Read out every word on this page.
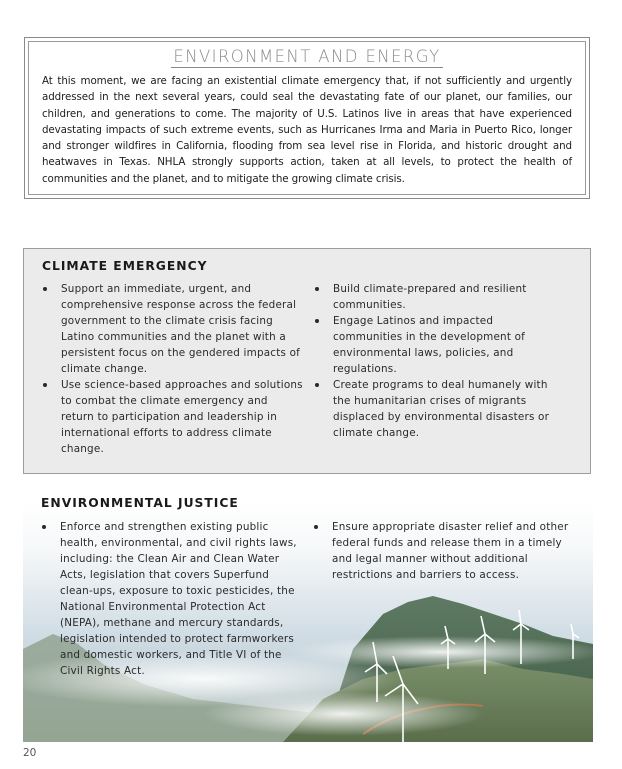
ENVIRONMENT AND ENERGY
At this moment, we are facing an existential climate emergency that, if not sufficiently and urgently addressed in the next several years, could seal the devastating fate of our planet, our families, our children, and generations to come. The majority of U.S. Latinos live in areas that have experienced devastating impacts of such extreme events, such as Hurricanes Irma and Maria in Puerto Rico, longer and stronger wildfires in California, flooding from sea level rise in Florida, and historic drought and heatwaves in Texas. NHLA strongly supports action, taken at all levels, to protect the health of communities and the planet, and to mitigate the growing climate crisis.
CLIMATE EMERGENCY
Support an immediate, urgent, and comprehensive response across the federal government to the climate crisis facing Latino communities and the planet with a persistent focus on the gendered impacts of climate change.
Use science-based approaches and solutions to combat the climate emergency and return to participation and leadership in international efforts to address climate change.
Build climate-prepared and resilient communities.
Engage Latinos and impacted communities in the development of environmental laws, policies, and regulations.
Create programs to deal humanely with the humanitarian crises of migrants displaced by environmental disasters or climate change.
ENVIRONMENTAL JUSTICE
Enforce and strengthen existing public health, environmental, and civil rights laws, including: the Clean Air and Clean Water Acts, legislation that covers Superfund clean-ups, exposure to toxic pesticides, the National Environmental Protection Act (NEPA), methane and mercury standards, legislation intended to protect farmworkers and domestic workers, and Title VI of the Civil Rights Act.
Ensure appropriate disaster relief and other federal funds and release them in a timely and legal manner without additional restrictions and barriers to access.
20
